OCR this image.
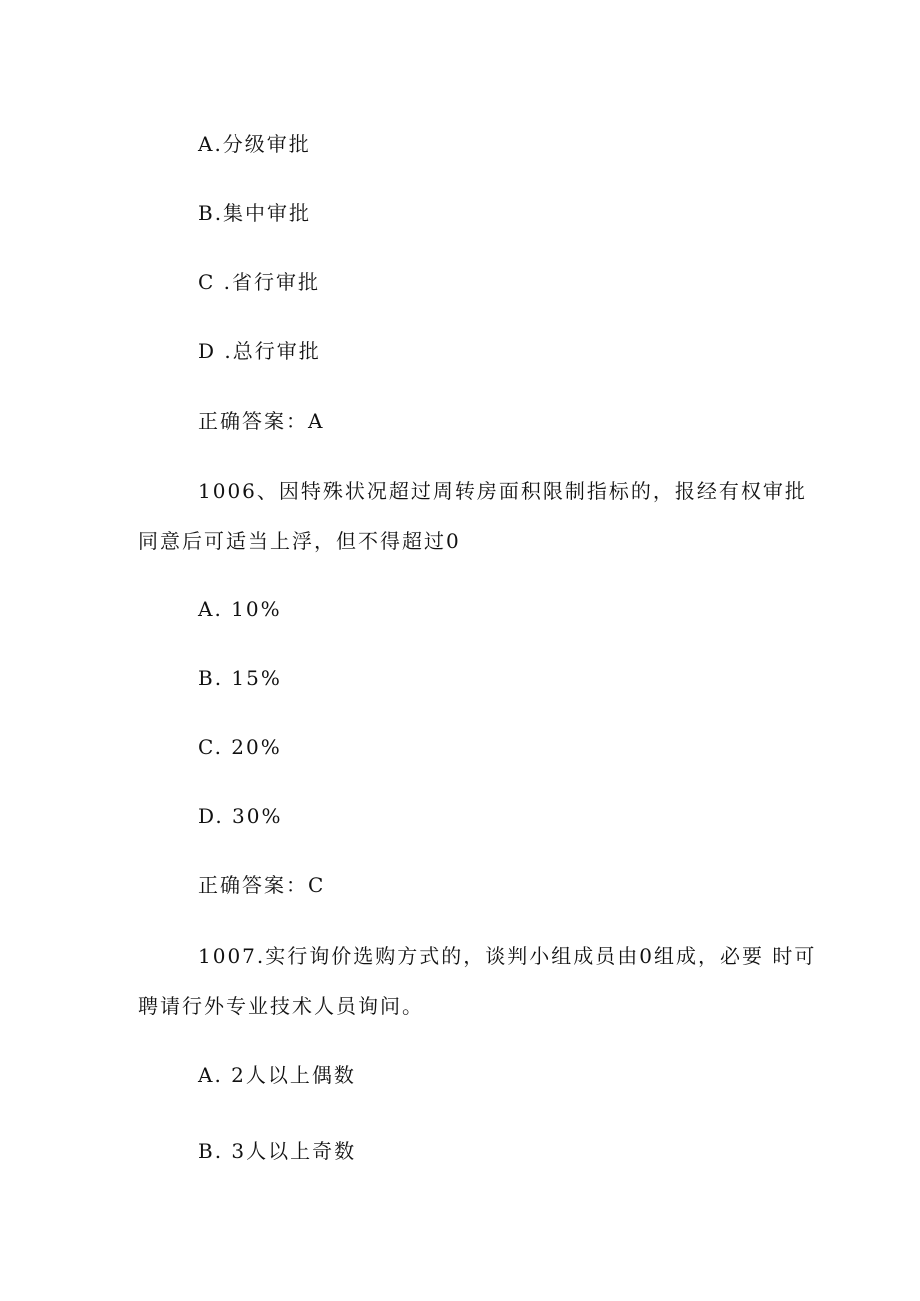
A.分级审批
B.集中审批
C .省行审批
D .总行审批
正确答案：A
1006、因特殊状况超过周转房面积限制指标的，报经有权审批
同意后可适当上浮，但不得超过0
A. 10%
B. 15%
C. 20%
D. 30%
正确答案：C
1007.实行询价选购方式的，谈判小组成员由0组成，必要 时可
聘请行外专业技术人员询问。
A. 2人以上偶数
B. 3人以上奇数
